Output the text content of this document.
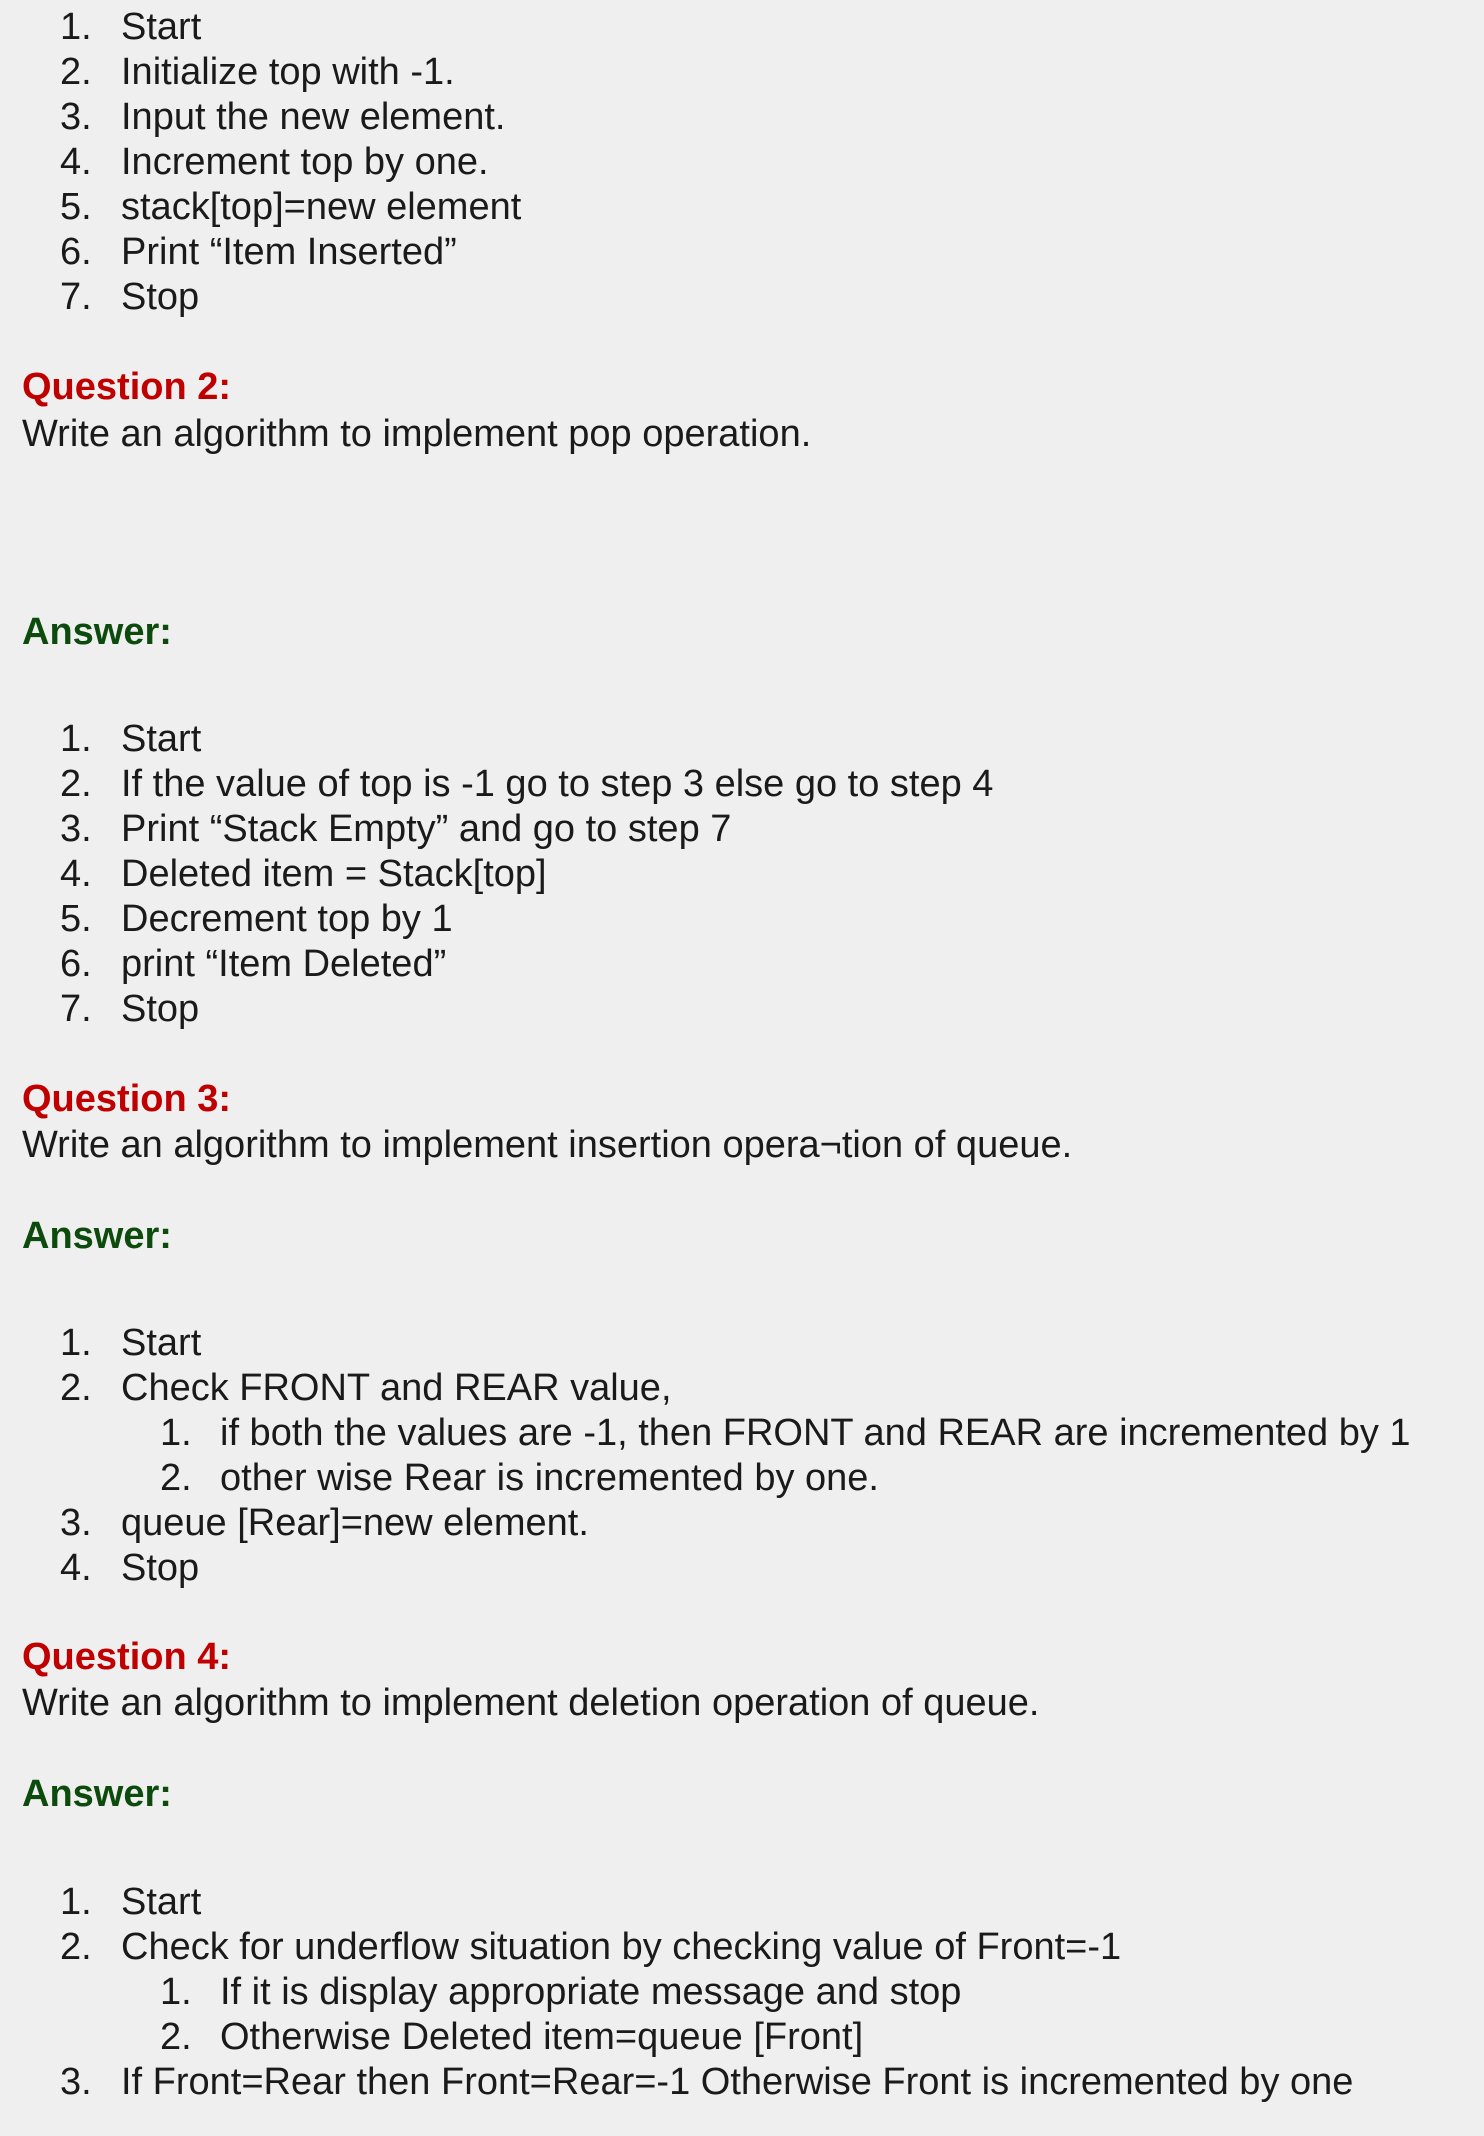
1. Start
2. Initialize top with -1.
3. Input the new element.
4. Increment top by one.
5. stack[top]=new element
6. Print “Item Inserted”
7. Stop
Question 2:
Write an algorithm to implement pop operation.
Answer:
1. Start
2. If the value of top is -1 go to step 3 else go to step 4
3. Print “Stack Empty” and go to step 7
4. Deleted item = Stack[top]
5. Decrement top by 1
6. print “Item Deleted”
7. Stop
Question 3:
Write an algorithm to implement insertion opera¬tion of queue.
Answer:
1. Start
2. Check FRONT and REAR value,
1. if both the values are -1, then FRONT and REAR are incremented by 1
2. other wise Rear is incremented by one.
3. queue [Rear]=new element.
4. Stop
Question 4:
Write an algorithm to implement deletion operation of queue.
Answer:
1. Start
2. Check for underflow situation by checking value of Front=-1
1. If it is display appropriate message and stop
2. Otherwise Deleted item=queue [Front]
3. If Front=Rear then Front=Rear=-1 Otherwise Front is incremented by one
